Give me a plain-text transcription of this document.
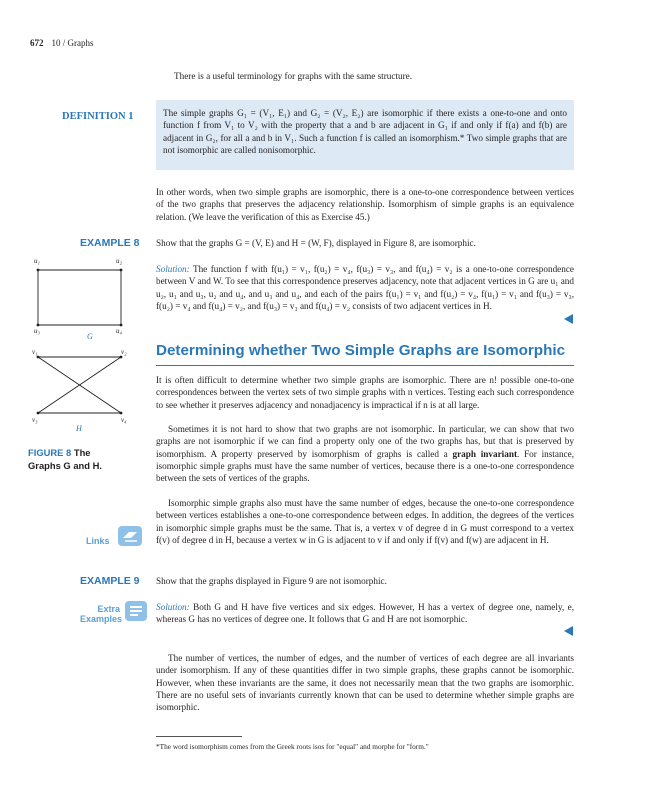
672 10 / Graphs
There is a useful terminology for graphs with the same structure.
DEFINITION 1	The simple graphs G₁ = (V₁, E₁) and G₂ = (V₂, E₂) are isomorphic if there exists a one-to-one and onto function f from V₁ to V₂ with the property that a and b are adjacent in G₁ if and only if f(a) and f(b) are adjacent in G₂, for all a and b in V₁. Such a function f is called an isomorphism.* Two simple graphs that are not isomorphic are called nonisomorphic.
In other words, when two simple graphs are isomorphic, there is a one-to-one correspondence between vertices of the two graphs that preserves the adjacency relationship. Isomorphism of simple graphs is an equivalence relation. (We leave the verification of this as Exercise 45.)
EXAMPLE 8 Show that the graphs G = (V, E) and H = (W, F), displayed in Figure 8, are isomorphic.
Solution: The function f with f(u₁) = v₁, f(u₂) = v₄, f(u₃) = v₃, and f(u₄) = v₂ is a one-to-one correspondence between V and W. To see that this correspondence preserves adjacency, note that adjacent vertices in G are u₁ and u₂, u₁ and u₃, u₂ and u₄, and u₃ and u₄, and each of the pairs f(u₁) = v₁ and f(u₂) = v₄, f(u₁) = v₁ and f(u₃) = v₃, f(u₂) = v₄ and f(u₄) = v₂, and f(u₃) = v₃ and f(u₄) = v₂ consists of two adjacent vertices in H.
u₁	u₂
u₃	u₄
G
v₁	v₂
v₃	v₄
H
FIGURE 8 The
Graphs G and H.
Determining whether Two Simple Graphs are Isomorphic
It is often difficult to determine whether two simple graphs are isomorphic. There are n! possible one-to-one correspondences between the vertex sets of two simple graphs with n vertices. Testing each such correspondence to see whether it preserves adjacency and nonadjacency is impractical if n is at all large.
Sometimes it is not hard to show that two graphs are not isomorphic. In particular, we can show that two graphs are not isomorphic if we can find a property only one of the two graphs has, but that is preserved by isomorphism. A property preserved by isomorphism of graphs is called a graph invariant. For instance, isomorphic simple graphs must have the same number of vertices, because there is a one-to-one correspondence between the sets of vertices of the graphs.
Isomorphic simple graphs also must have the same number of edges, because the one-to-one correspondence between vertices establishes a one-to-one correspondence between edges. In addition, the degrees of the vertices in isomorphic simple graphs must be the same. That is, a vertex v of degree d in G must correspond to a vertex f(v) of degree d in H, because a vertex w in G is adjacent to v if and only if f(v) and f(w) are adjacent in H.
Links
EXAMPLE 9 Show that the graphs displayed in Figure 9 are not isomorphic.
Extra
Examples
Solution: Both G and H have five vertices and six edges. However, H has a vertex of degree one, namely, e, whereas G has no vertices of degree one. It follows that G and H are not isomorphic.
The number of vertices, the number of edges, and the number of vertices of each degree are all invariants under isomorphism. If any of these quantities differ in two simple graphs, these graphs cannot be isomorphic. However, when these invariants are the same, it does not necessarily mean that the two graphs are isomorphic. There are no useful sets of invariants currently known that can be used to determine whether simple graphs are isomorphic.
*The word isomorphism comes from the Greek roots isos for "equal" and morphe for "form."
